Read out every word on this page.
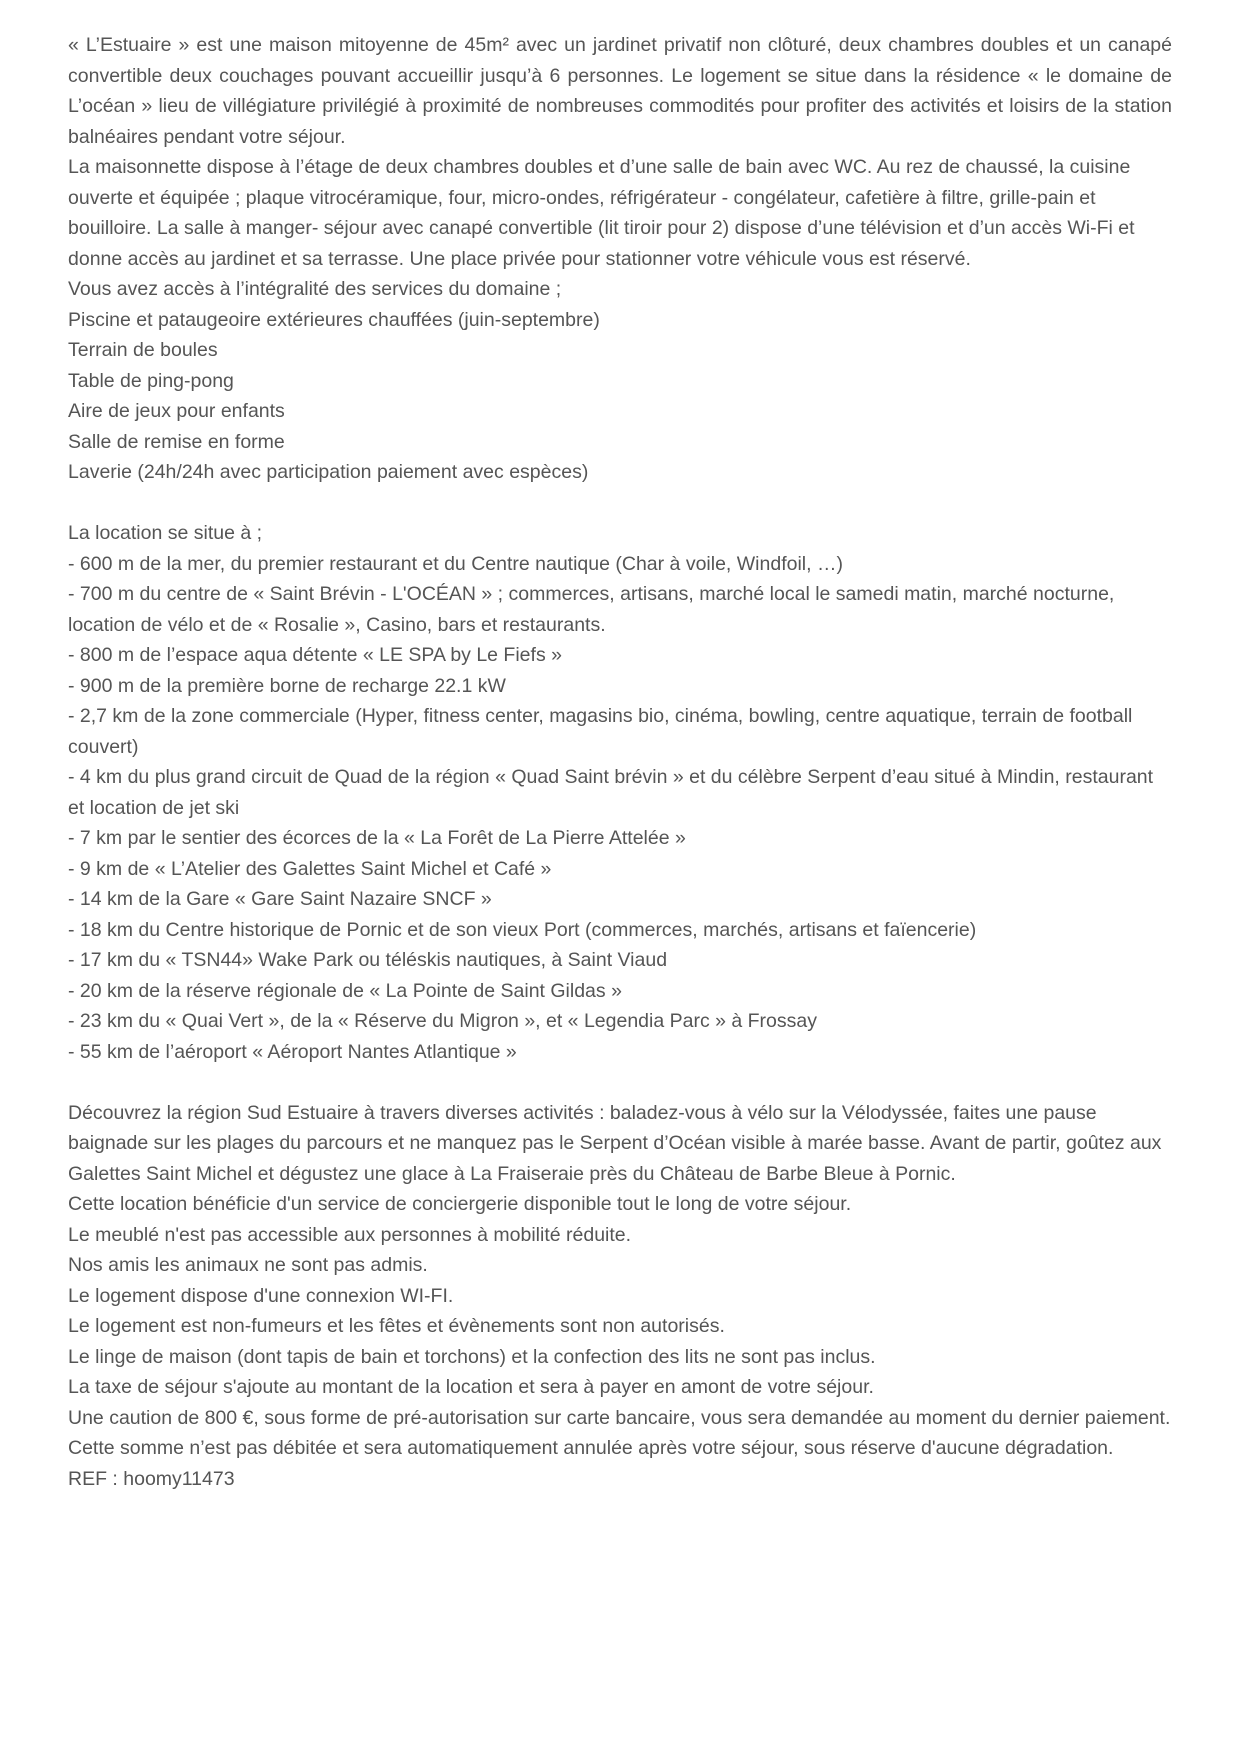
« L’Estuaire » est une maison mitoyenne de 45m² avec un jardinet privatif non clôturé, deux chambres doubles et un canapé convertible deux couchages pouvant accueillir jusqu’à 6 personnes. Le logement se situe dans la résidence « le domaine de L’océan » lieu de villégiature privilégié à proximité de nombreuses commodités pour profiter des activités et loisirs de la station balnéaires pendant votre séjour.

La maisonnette dispose à l’étage de deux chambres doubles et d’une salle de bain avec WC. Au rez de chaussé, la cuisine ouverte et équipée ; plaque vitrocéramique, four, micro-ondes, réfrigérateur - congélateur, cafetière à filtre, grille-pain et bouilloire. La salle à manger- séjour avec canapé convertible (lit tiroir pour 2) dispose d’une télévision et d’un accès Wi-Fi et donne accès au jardinet et sa terrasse. Une place privée pour stationner votre véhicule vous est réservé.

Vous avez accès à l’intégralité des services du domaine ;

Piscine et pataugeoire extérieures chauffées (juin-septembre)

Terrain de boules

Table de ping-pong

Aire de jeux pour enfants

Salle de remise en forme

Laverie (24h/24h avec participation paiement avec espèces)

La location se situe à ;

- 600 m de la mer, du premier restaurant et du Centre nautique (Char à voile, Windfoil, …)

- 700 m du centre de « Saint Brévin - L'OCÉAN » ; commerces, artisans, marché local le samedi matin, marché nocturne, location de vélo et de « Rosalie », Casino, bars et restaurants.

- 800 m de l’espace aqua détente « LE SPA by Le Fiefs »

- 900 m de la première borne de recharge 22.1 kW

- 2,7 km de la zone commerciale (Hyper, fitness center, magasins bio, cinéma, bowling, centre aquatique, terrain de football couvert)

- 4 km du plus grand circuit de Quad de la région « Quad Saint brévin » et du célèbre Serpent d’eau situé à Mindin, restaurant et location de jet ski

- 7 km par le sentier des écorces de la « La Forêt de La Pierre Attelée »

- 9 km de « L’Atelier des Galettes Saint Michel et Café »

- 14 km de la Gare « Gare Saint Nazaire SNCF »

- 18 km du Centre historique de Pornic et de son vieux Port (commerces, marchés, artisans et faïencerie)

- 17 km du « TSN44» Wake Park ou téléskis nautiques, à Saint Viaud

- 20 km de la réserve régionale de « La Pointe de Saint Gildas »

- 23 km du « Quai Vert », de la « Réserve du Migron », et « Legendia Parc » à Frossay

- 55 km de l’aéroport « Aéroport Nantes Atlantique »

Découvrez la région Sud Estuaire à travers diverses activités : baladez-vous à vélo sur la Vélodyssée, faites une pause baignade sur les plages du parcours et ne manquez pas le Serpent d’Océan visible à marée basse. Avant de partir, goûtez aux Galettes Saint Michel et dégustez une glace à La Fraiseraie près du Château de Barbe Bleue à Pornic.

Cette location bénéficie d'un service de conciergerie disponible tout le long de votre séjour.

Le meublé n'est pas accessible aux personnes à mobilité réduite.

Nos amis les animaux ne sont pas admis.

Le logement dispose d'une connexion WI-FI.

Le logement est non-fumeurs et les fêtes et évènements sont non autorisés.

Le linge de maison (dont tapis de bain et torchons) et la confection des lits ne sont pas inclus.

La taxe de séjour s'ajoute au montant de la location et sera à payer en amont de votre séjour.

Une caution de 800 €, sous forme de pré-autorisation sur carte bancaire, vous sera demandée au moment du dernier paiement. Cette somme n’est pas débitée et sera automatiquement annulée après votre séjour, sous réserve d'aucune dégradation.

REF : hoomy11473
